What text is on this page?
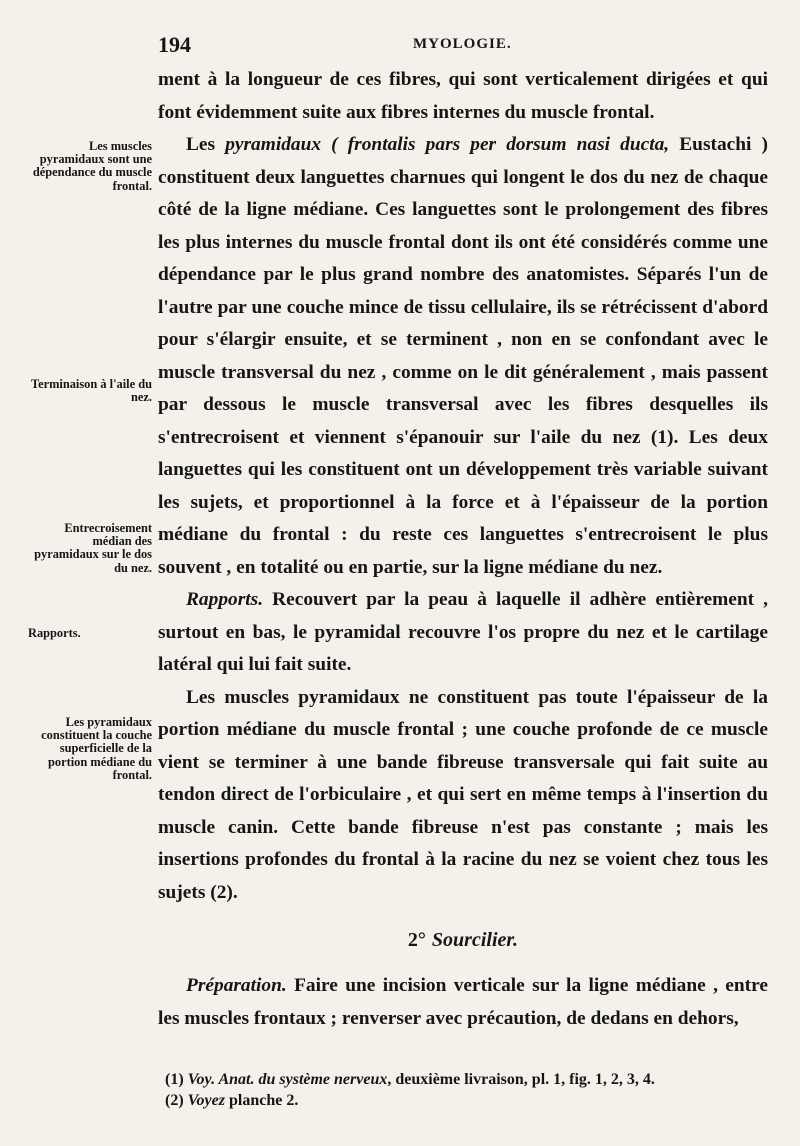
194	MYOLOGIE.
Les muscles pyramidaux sont une dépendance du muscle frontal.
Terminaison à l'aile du nez.
Entrecroisement médian des pyramidaux sur le dos du nez.
Rapports.
Les pyramidaux constituent la couche superficielle de la portion médiane du frontal.

ment à la longueur de ces fibres, qui sont verticalement dirigées et qui font évidemment suite aux fibres internes du muscle frontal.

Les pyramidaux ( frontalis pars per dorsum nasi ducta, Eustachi ) constituent deux languettes charnues qui longent le dos du nez de chaque côté de la ligne médiane. Ces languettes sont le prolongement des fibres les plus internes du muscle frontal dont ils ont été considérés comme une dépendance par le plus grand nombre des anatomistes. Séparés l'un de l'autre par une couche mince de tissu cellulaire, ils se rétrécissent d'abord pour s'élargir ensuite, et se terminent , non en se confondant avec le muscle transversal du nez , comme on le dit généralement , mais passent par dessous le muscle transversal avec les fibres desquelles ils s'entrecroisent et viennent s'épanouir sur l'aile du nez (1). Les deux languettes qui les constituent ont un développement très variable suivant les sujets, et proportionnel à la force et à l'épaisseur de la portion médiane du frontal : du reste ces languettes s'entrecroisent le plus souvent , en totalité ou en partie, sur la ligne médiane du nez.

Rapports. Recouvert par la peau à laquelle il adhère entièrement , surtout en bas, le pyramidal recouvre l'os propre du nez et le cartilage latéral qui lui fait suite.

Les muscles pyramidaux ne constituent pas toute l'épaisseur de la portion médiane du muscle frontal ; une couche profonde de ce muscle vient se terminer à une bande fibreuse transversale qui fait suite au tendon direct de l'orbiculaire , et qui sert en même temps à l'insertion du muscle canin. Cette bande fibreuse n'est pas constante ; mais les insertions profondes du frontal à la racine du nez se voient chez tous les sujets (2).

2° Sourcilier.

Préparation. Faire une incision verticale sur la ligne médiane , entre les muscles frontaux ; renverser avec précaution, de dedans en dehors,

(1) Voy. Anat. du système nerveux, deuxième livraison, pl. 1, fig. 1, 2, 3, 4.
(2) Voyez planche 2.
